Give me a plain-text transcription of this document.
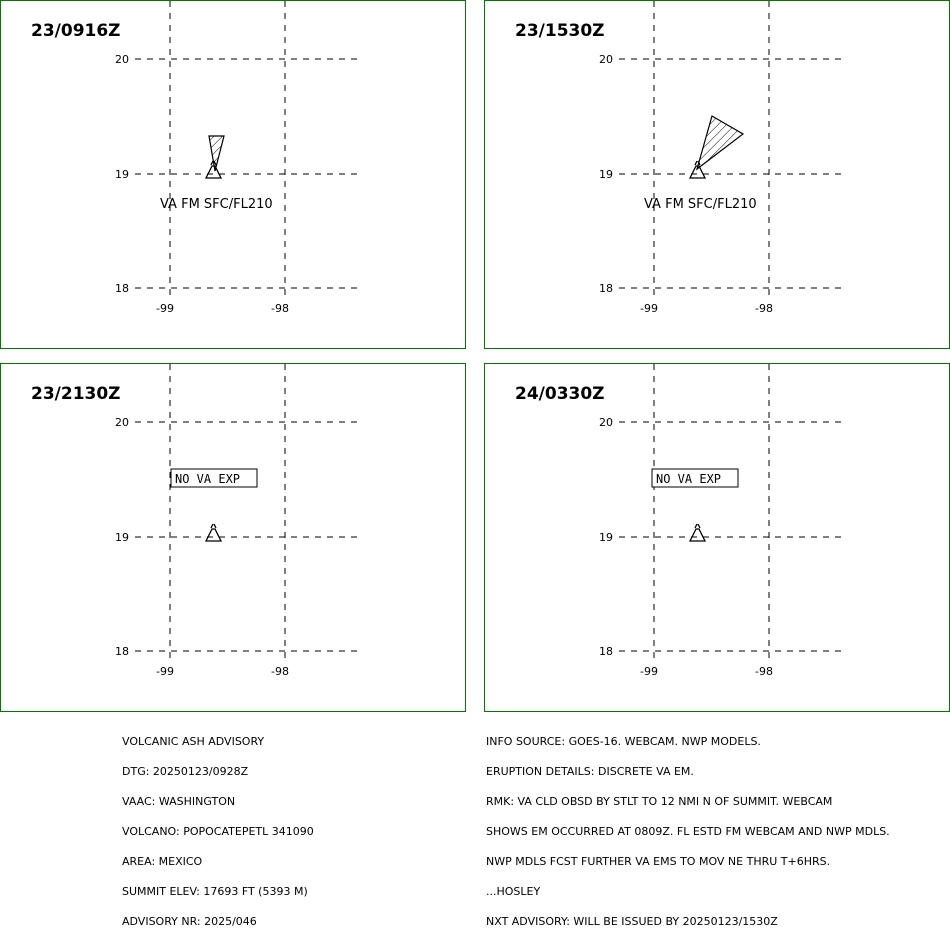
23/0916Z
20
19
18
-99	-98
VA FM SFC/FL210
23/1530Z
20
19
18
-99	-98
VA FM SFC/FL210
23/2130Z
20
19
18
-99	-98
NO VA EXP
24/0330Z
20
19
18
-99	-98
NO VA EXP

VOLCANIC ASH ADVISORY

DTG: 20250123/0928Z

VAAC: WASHINGTON

VOLCANO: POPOCATEPETL 341090

AREA: MEXICO

SUMMIT ELEV: 17693 FT (5393 M)

ADVISORY NR: 2025/046

INFO SOURCE: GOES-16. WEBCAM. NWP MODELS.

ERUPTION DETAILS: DISCRETE VA EM.

RMK: VA CLD OBSD BY STLT TO 12 NMI N OF SUMMIT. WEBCAM

SHOWS EM OCCURRED AT 0809Z. FL ESTD FM WEBCAM AND NWP MDLS.

NWP MDLS FCST FURTHER VA EMS TO MOV NE THRU T+6HRS.

...HOSLEY

NXT ADVISORY: WILL BE ISSUED BY 20250123/1530Z
